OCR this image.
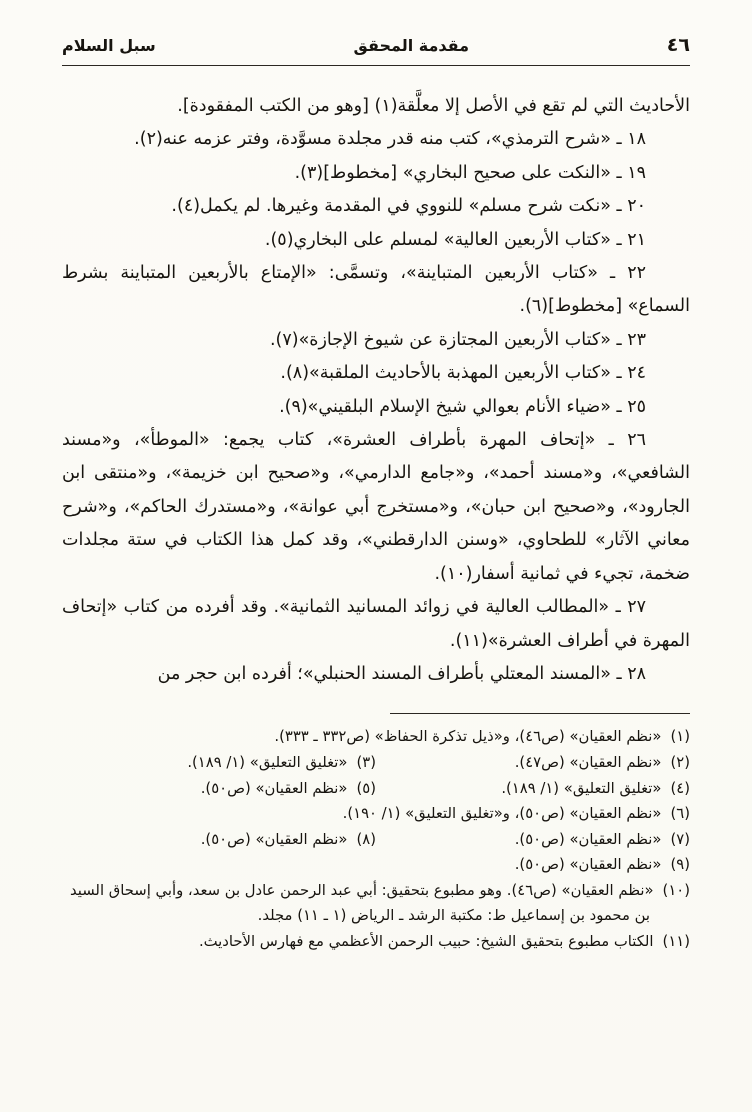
٤٦
مقدمة المحقق
سبل السلام

الأحاديث التي لم تقع في الأصل إلا معلَّقة(١) [وهو من الكتب المفقودة].

١٨ ـ «شرح الترمذي»، كتب منه قدر مجلدة مسوَّدة، وفتر عزمه عنه(٢).

١٩ ـ «النكت على صحيح البخاري» [مخطوط](٣).

٢٠ ـ «نكت شرح مسلم» للنووي في المقدمة وغيرها. لم يكمل(٤).

٢١ ـ «كتاب الأربعين العالية» لمسلم على البخاري(٥).

٢٢ ـ «كتاب الأربعين المتباينة»، وتسمَّى: «الإمتاع بالأربعين المتباينة بشرط السماع» [مخطوط](٦).

٢٣ ـ «كتاب الأربعين المجتازة عن شيوخ الإجازة»(٧).

٢٤ ـ «كتاب الأربعين المهذبة بالأحاديث الملقبة»(٨).

٢٥ ـ «ضياء الأنام بعوالي شيخ الإسلام البلقيني»(٩).

٢٦ ـ «إتحاف المهرة بأطراف العشرة»، كتاب يجمع: «الموطأ»، و«مسند الشافعي»، و«مسند أحمد»، و«جامع الدارمي»، و«صحيح ابن خزيمة»، و«منتقى ابن الجارود»، و«صحيح ابن حبان»، و«مستخرج أبي عوانة»، و«مستدرك الحاكم»، و«شرح معاني الآثار» للطحاوي، «وسنن الدارقطني»، وقد كمل هذا الكتاب في ستة مجلدات ضخمة، تجيء في ثمانية أسفار(١٠).

٢٧ ـ «المطالب العالية في زوائد المسانيد الثمانية». وقد أفرده من كتاب «إتحاف المهرة في أطراف العشرة»(١١).

٢٨ ـ «المسند المعتلي بأطراف المسند الحنبلي»؛ أفرده ابن حجر من

(١)«نظم العقيان» (ص٤٦)، و«ذيل تذكرة الحفاظ» (ص٣٣٢ ـ ٣٣٣).
(٢)«نظم العقيان» (ص٤٧).
(٣)«تغليق التعليق» (١/ ١٨٩).
(٤)«تغليق التعليق» (١/ ١٨٩).
(٥)«نظم العقيان» (ص٥٠).
(٦)«نظم العقيان» (ص٥٠)، و«تغليق التعليق» (١/ ١٩٠).
(٧)«نظم العقيان» (ص٥٠).
(٨)«نظم العقيان» (ص٥٠).
(٩)«نظم العقيان» (ص٥٠).
(١٠)«نظم العقيان» (ص٤٦). وهو مطبوع بتحقيق: أبي عبد الرحمن عادل بن سعد، وأبي إسحاق السيد بن محمود بن إسماعيل ط: مكتبة الرشد ـ الرياض (١ ـ ١١) مجلد.
(١١)الكتاب مطبوع بتحقيق الشيخ: حبيب الرحمن الأعظمي مع فهارس الأحاديث.
